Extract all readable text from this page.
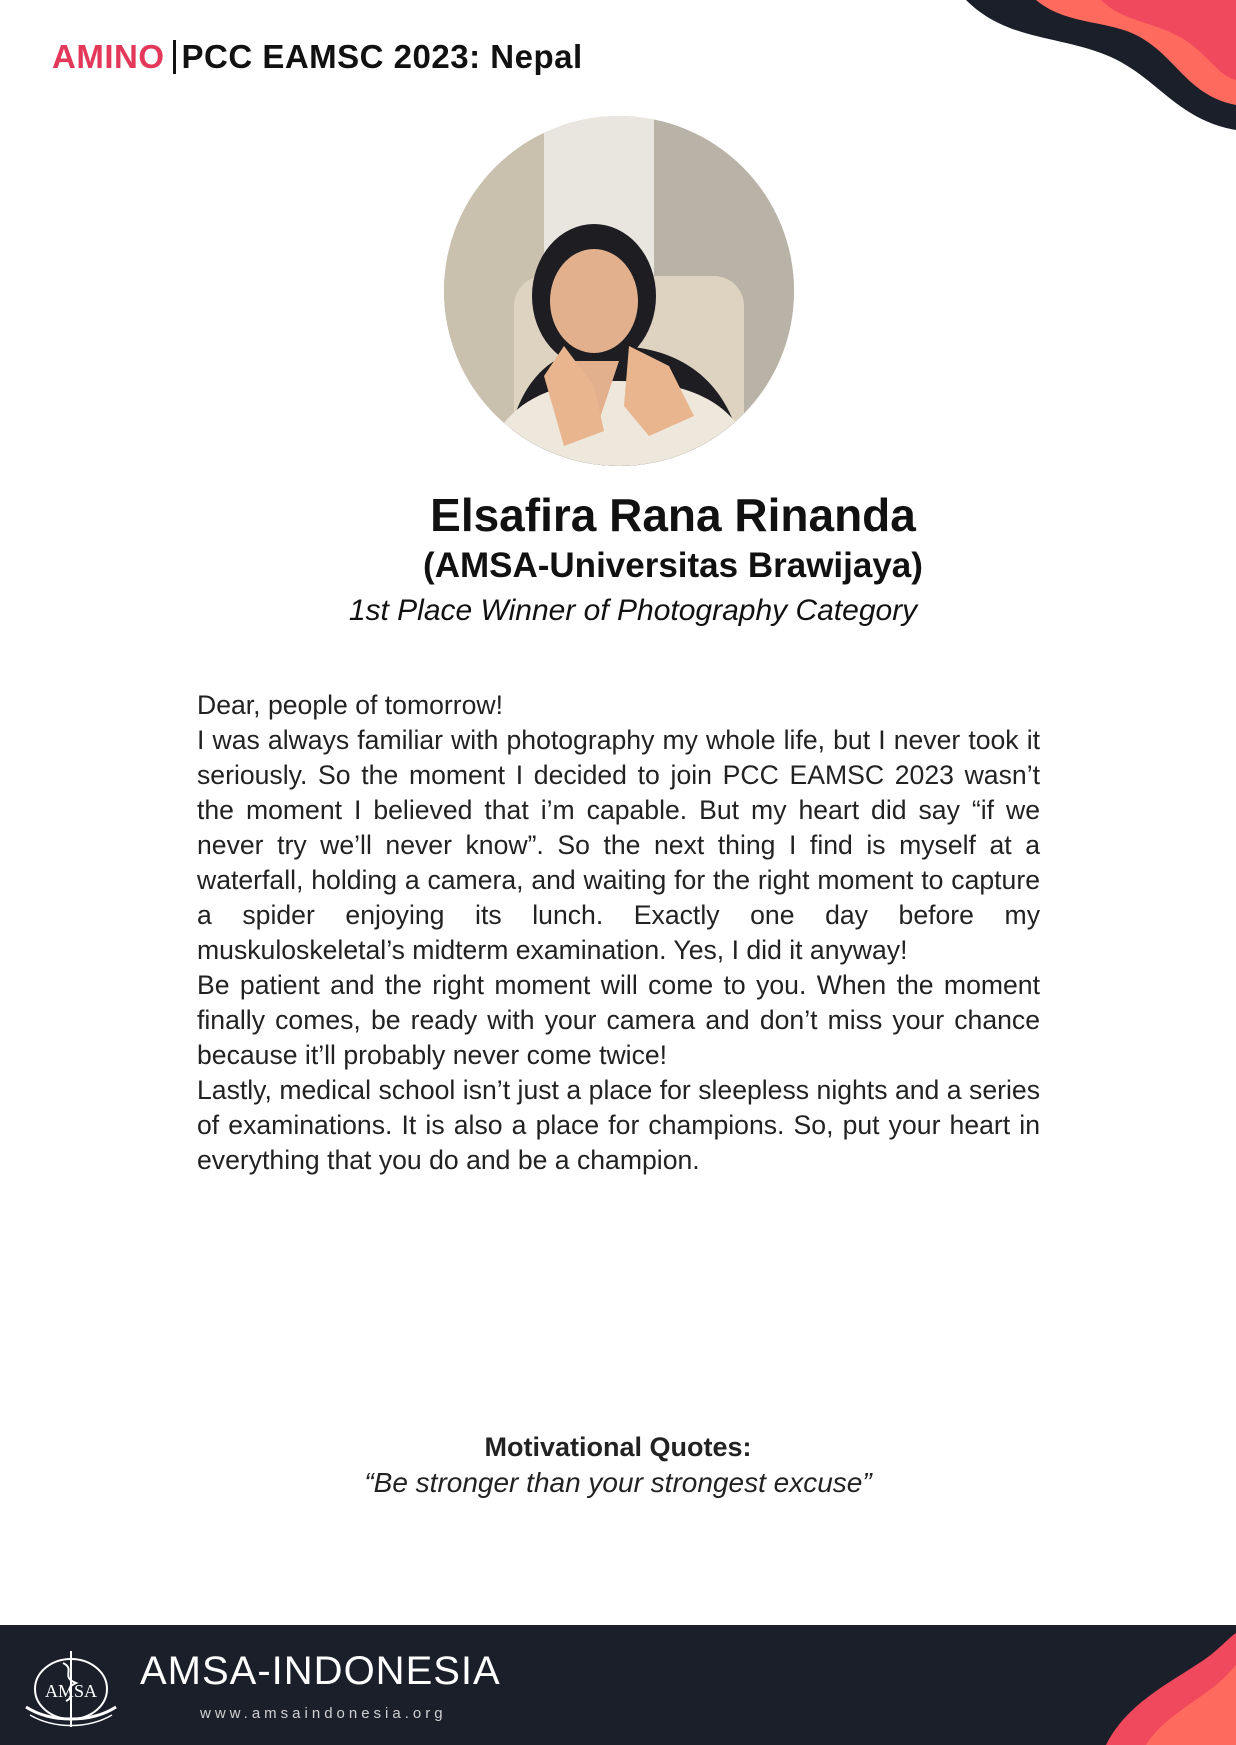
AMINO PCC EAMSC 2023: Nepal
Elsafira Rana Rinanda
(AMSA-Universitas Brawijaya)
1st Place Winner of Photography Category

Dear, people of tomorrow!

I was always familiar with photography my whole life, but I never took it seriously. So the moment I decided to join PCC EAMSC 2023 wasn’t the moment I believed that i’m capable. But my heart did say “if we never try we’ll never know”. So the next thing I find is myself at a waterfall, holding a camera, and waiting for the right moment to capture a spider enjoying its lunch. Exactly one day before my muskuloskeletal’s midterm examination. Yes, I did it anyway!

Be patient and the right moment will come to you. When the moment finally comes, be ready with your camera and don’t miss your chance because it’ll probably never come twice!

Lastly, medical school isn’t just a place for sleepless nights and a series of examinations. It is also a place for champions. So, put your heart in everything that you do and be a champion.

Motivational Quotes:
“Be stronger than your strongest excuse”
AMSA AMSA-INDONESIA
www.amsaindonesia.org
